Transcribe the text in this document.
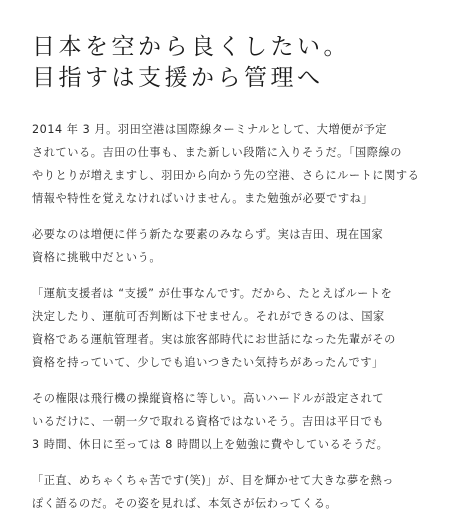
日本を空から良くしたい。
目指すは支援から管理へ

2014 年 3 月。羽田空港は国際線ターミナルとして、大増便が予定
されている。吉田の仕事も、また新しい段階に入りそうだ。「国際線の
やりとりが増えますし、羽田から向かう先の空港、さらにルートに関する
情報や特性を覚えなければいけません。また勉強が必要ですね」

必要なのは増便に伴う新たな要素のみならず。実は吉田、現在国家
資格に挑戦中だという。

「運航支援者は “支援” が仕事なんです。だから、たとえばルートを
決定したり、運航可否判断は下せません。それができるのは、国家
資格である運航管理者。実は旅客部時代にお世話になった先輩がその
資格を持っていて、少しでも追いつきたい気持ちがあったんです」

その権限は飛行機の操縦資格に等しい。高いハードルが設定されて
いるだけに、一朝一夕で取れる資格ではないそう。吉田は平日でも
3 時間、休日に至っては 8 時間以上を勉強に費やしているそうだ。

「正直、めちゃくちゃ苦です(笑)」が、目を輝かせて大きな夢を熱っ
ぽく語るのだ。その姿を見れば、本気さが伝わってくる。
